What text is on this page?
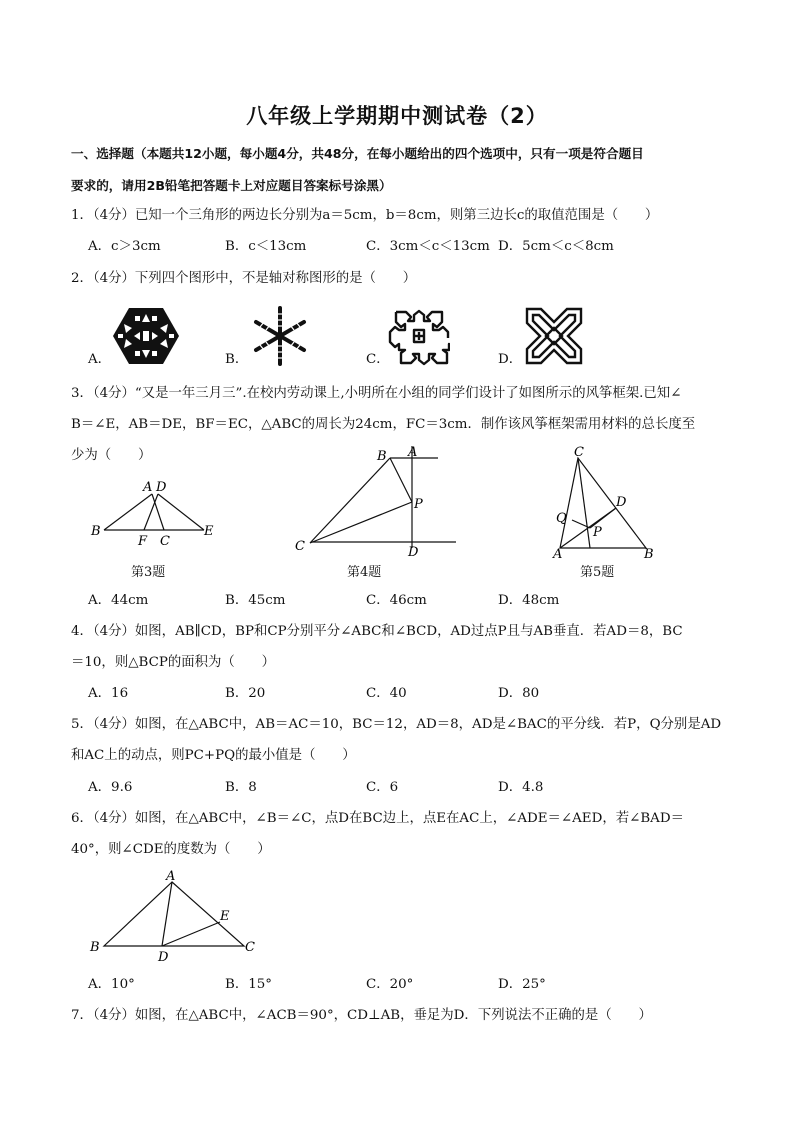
八年级上学期期中测试卷（2）
一、选择题（本题共12小题，每小题4分，共48分，在每小题给出的四个选项中，只有一项是符合题目
要求的，请用2B铅笔把答题卡上对应题目答案标号涂黑）
1．（4分）已知一个三角形的两边长分别为a＝5cm，b＝8cm，则第三边长c的取值范围是（　　）
A．c＞3cm	B．c＜13cm	C．3cm＜c＜13cm D．5cm＜c＜8cm
2．（4分）下列四个图形中，不是轴对称图形的是（　　）
A．	B．	C．	D．
3．（4分）“又是一年三月三”.在校内劳动课上,小明所在小组的同学们设计了如图所示的风筝框架.已知∠
B＝∠E，AB＝DE，BF＝EC，△ABC的周长为24cm，FC＝3cm．制作该风筝框架需用材料的总长度至
少为（　　）
A D
B	E
F C
第3题
B A
P
C	D
第4题
C
D
Q
P
A	B
第5题
A．44cm	B．45cm	C．46cm	D．48cm
4．（4分）如图，AB∥CD，BP和CP分别平分∠ABC和∠BCD，AD过点P且与AB垂直．若AD＝8，BC
＝10，则△BCP的面积为（　　）
A．16	B．20	C．40	D．80
5．（4分）如图，在△ABC中，AB＝AC＝10，BC＝12，AD＝8，AD是∠BAC的平分线．若P，Q分别是AD
和AC上的动点，则PC+PQ的最小值是（　　）
A．9.6	B．8	C．6	D．4.8
6．（4分）如图，在△ABC中，∠B＝∠C，点D在BC边上，点E在AC上，∠ADE＝∠AED，若∠BAD＝
40°，则∠CDE的度数为（　　）
A
E
B
D
C
A．10°	B．15°	C．20°	D．25°
7．（4分）如图，在△ABC中，∠ACB＝90°，CD⊥AB，垂足为D．下列说法不正确的是（　　）
